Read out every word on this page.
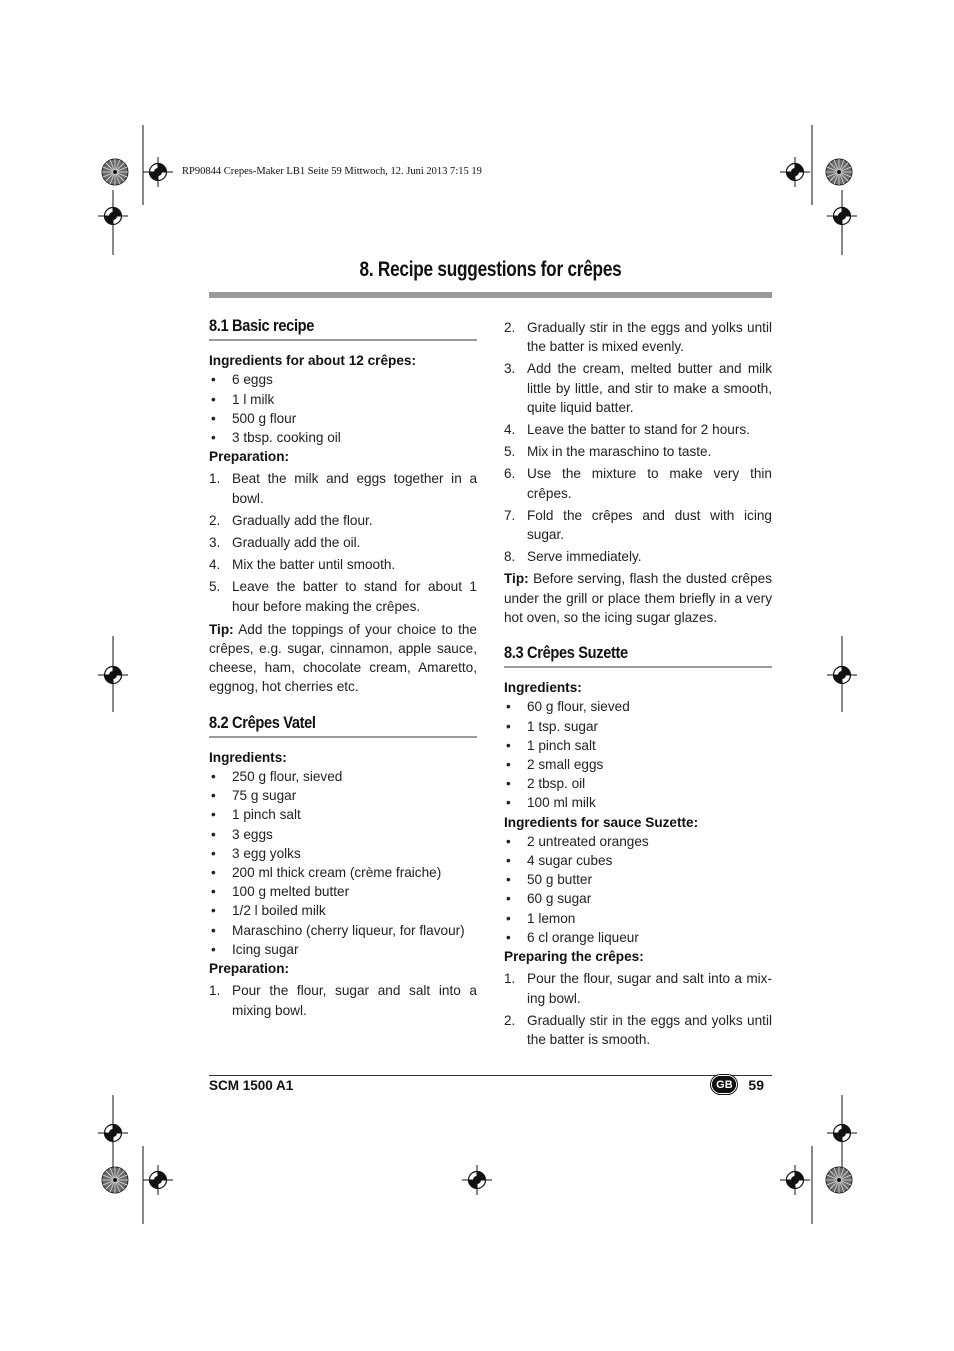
RP90844 Crepes-Maker LB1 Seite 59 Mittwoch, 12. Juni 2013 7:15 19
8. Recipe suggestions for crêpes
8.1 Basic recipe

Ingredients for about 12 crêpes:

• 6 eggs
• 1 l milk
• 500 g flour
• 3 tbsp. cooking oil

Preparation:

1. Beat the milk and eggs together in a bowl.
2. Gradually add the flour.
3. Gradually add the oil.
4. Mix the batter until smooth.
5. Leave the batter to stand for about 1 hour before making the crêpes.

Tip: Add the toppings of your choice to the crêpes, e.g. sugar, cinnamon, apple sauce, cheese, ham, chocolate cream, Amaretto, eggnog, hot cherries etc.

8.2 Crêpes Vatel

Ingredients:

• 250 g flour, sieved
• 75 g sugar
• 1 pinch salt
• 3 eggs
• 3 egg yolks
• 200 ml thick cream (crème fraiche)
• 100 g melted butter
• 1/2 l boiled milk
• Maraschino (cherry liqueur, for flavour)
• Icing sugar

Preparation:

1. Pour the flour, sugar and salt into a mixing bowl.
2. Gradually stir in the eggs and yolks until the batter is mixed evenly.
3. Add the cream, melted butter and milk little by little, and stir to make a smooth, quite liquid batter.
4. Leave the batter to stand for 2 hours.
5. Mix in the maraschino to taste.
6. Use the mixture to make very thin crêpes.
7. Fold the crêpes and dust with icing sugar.
8. Serve immediately.

Tip: Before serving, flash the dusted crêpes under the grill or place them briefly in a very hot oven, so the icing sugar glazes.

8.3 Crêpes Suzette

Ingredients:

• 60 g flour, sieved
• 1 tsp. sugar
• 1 pinch salt
• 2 small eggs
• 2 tbsp. oil
• 100 ml milk

Ingredients for sauce Suzette:

• 2 untreated oranges
• 4 sugar cubes
• 50 g butter
• 60 g sugar
• 1 lemon
• 6 cl orange liqueur

Preparing the crêpes:

1. Pour the flour, sugar and salt into a mix-ing bowl.
2. Gradually stir in the eggs and yolks until the batter is smooth.
SCM 1500 A1	GB 59
